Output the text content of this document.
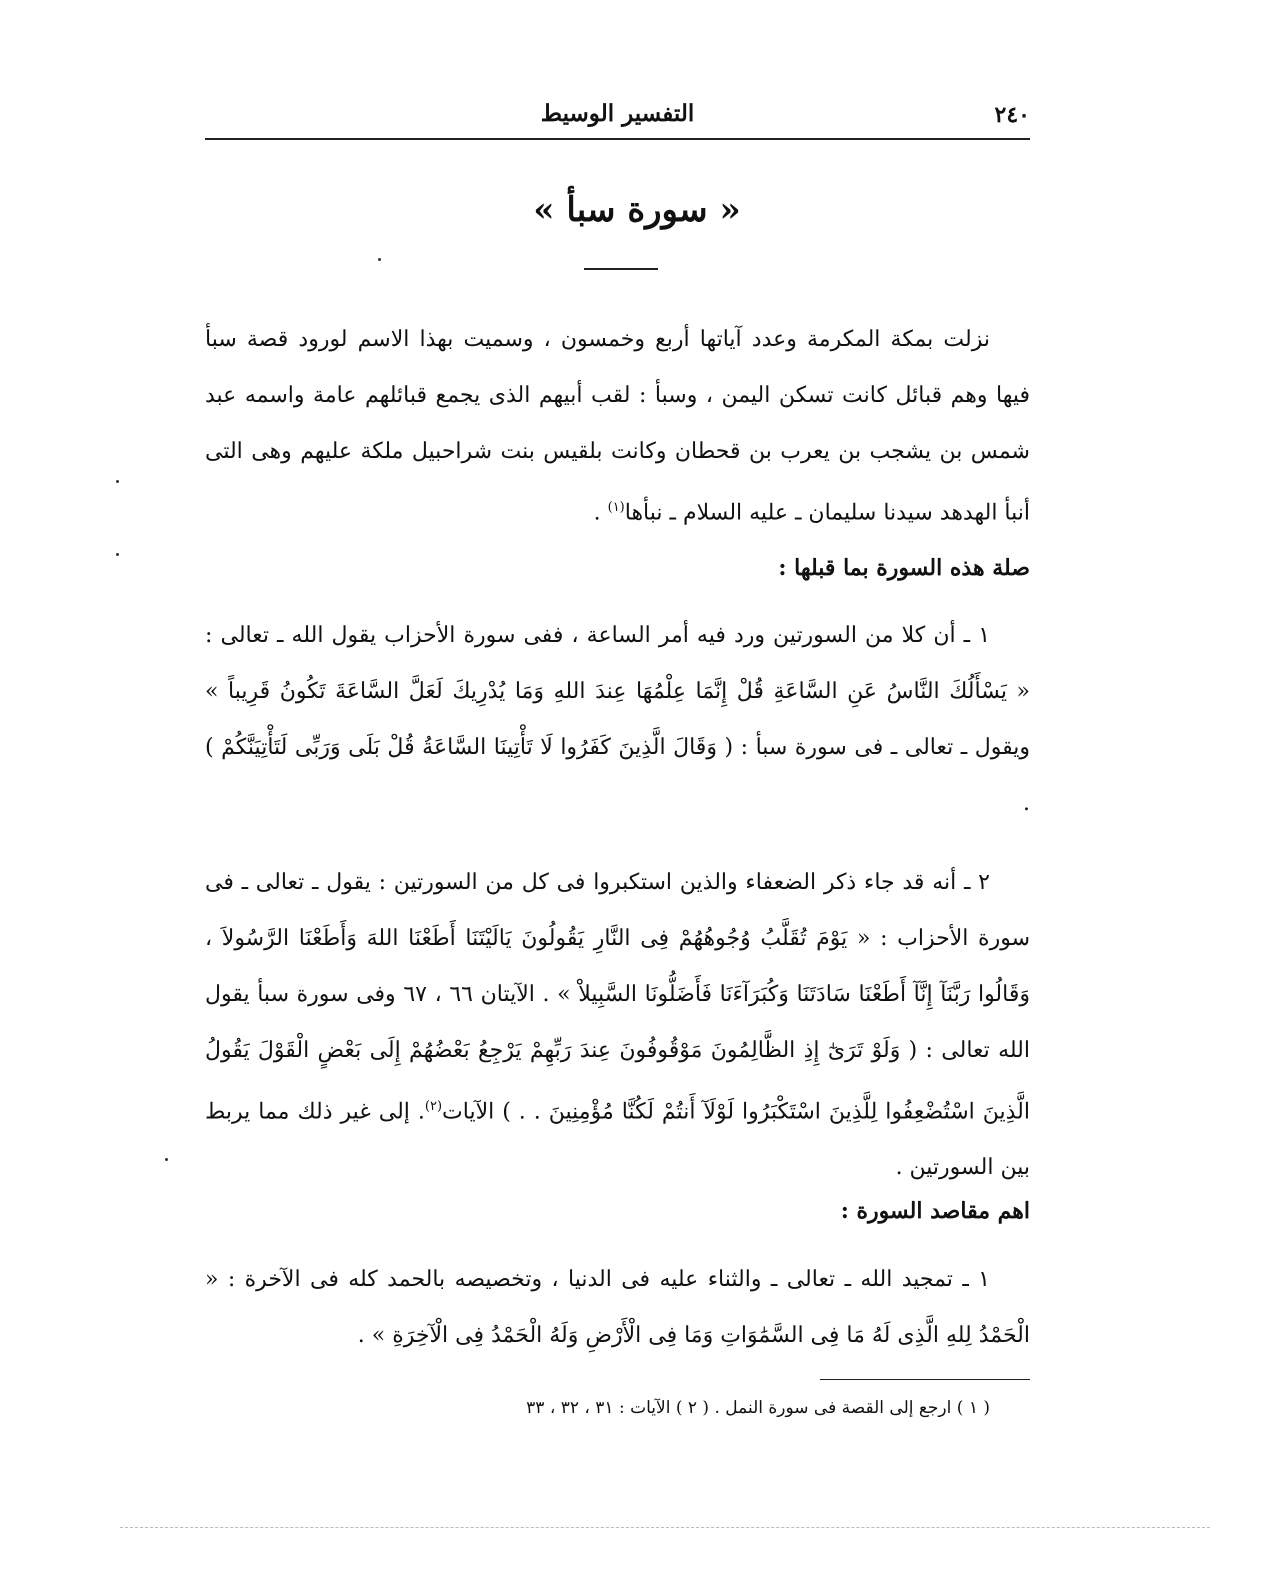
٢٤٠
التفسير الوسيط
« سورة سبأ »

نزلت بمكة المكرمة وعدد آياتها أربع وخمسون ، وسميت بهذا الاسم لورود قصة سبأ فيها وهم قبائل كانت تسكن اليمن ، وسبأ : لقب أبيهم الذى يجمع قبائلهم عامة واسمه عبد شمس بن يشجب بن يعرب بن قحطان وكانت بلقيس بنت شراحبيل ملكة عليهم وهى التى أنبأ الهدهد سيدنا سليمان ـ عليه السلام ـ نبأها$^{(١)}$ .

صلة هذه السورة بما قبلها :

١ ـ أن كلا من السورتين ورد فيه أمر الساعة ، ففى سورة الأحزاب يقول الله ـ تعالى : « يَسْأَلُكَ النَّاسُ عَنِ السَّاعَةِ قُلْ إِنَّمَا عِلْمُهَا عِندَ اللهِ وَمَا يُدْرِيكَ لَعَلَّ السَّاعَةَ تَكُونُ قَرِيباً » ويقول ـ تعالى ـ فى سورة سبأ : ( وَقَالَ الَّذِينَ كَفَرُوا لَا تَأْتِينَا السَّاعَةُ قُلْ بَلَى وَرَبِّى لَتَأْتِيَنَّكُمْ ) .

٢ ـ أنه قد جاء ذكر الضعفاء والذين استكبروا فى كل من السورتين : يقول ـ تعالى ـ فى سورة الأحزاب : « يَوْمَ تُقَلَّبُ وُجُوهُهُمْ فِى النَّارِ يَقُولُونَ يَالَيْتَنَا أَطَعْنَا اللهَ وَأَطَعْنَا الرَّسُولاَ ، وَقَالُوا رَبَّنَآ إِنَّآ أَطَعْنَا سَادَتَنَا وَكُبَرَآءَنَا فَأَضَلُّونَا السَّبِيلاْ » . الآيتان ٦٦ ، ٦٧ وفى سورة سبأ يقول الله تعالى : ( وَلَوْ تَرَىٰٓ إِذِ الظَّالِمُونَ مَوْقُوفُونَ عِندَ رَبِّهِمْ يَرْجِعُ بَعْضُهُمْ إِلَى بَعْضٍ الْقَوْلَ يَقُولُ الَّذِينَ اسْتُضْعِفُوا لِلَّذِينَ اسْتَكْبَرُوا لَوْلَآ أَنتُمْ لَكُنَّا مُؤْمِنِينَ . . ) الآيات$^{(٢)}$. إلى غير ذلك مما يربط بين السورتين .

اهم مقاصد السورة :

١ ـ تمجيد الله ـ تعالى ـ والثناء عليه فى الدنيا ، وتخصيصه بالحمد كله فى الآخرة : « الْحَمْدُ لِلهِ الَّذِى لَهُ مَا فِى السَّمَٰوَاتِ وَمَا فِى الْأَرْضِ وَلَهُ الْحَمْدُ فِى الْآخِرَةِ » .

( ١ ) ارجع إلى القصة فى سورة النمل . ( ٢ ) الآيات : ٣١ ، ٣٢ ، ٣٣
